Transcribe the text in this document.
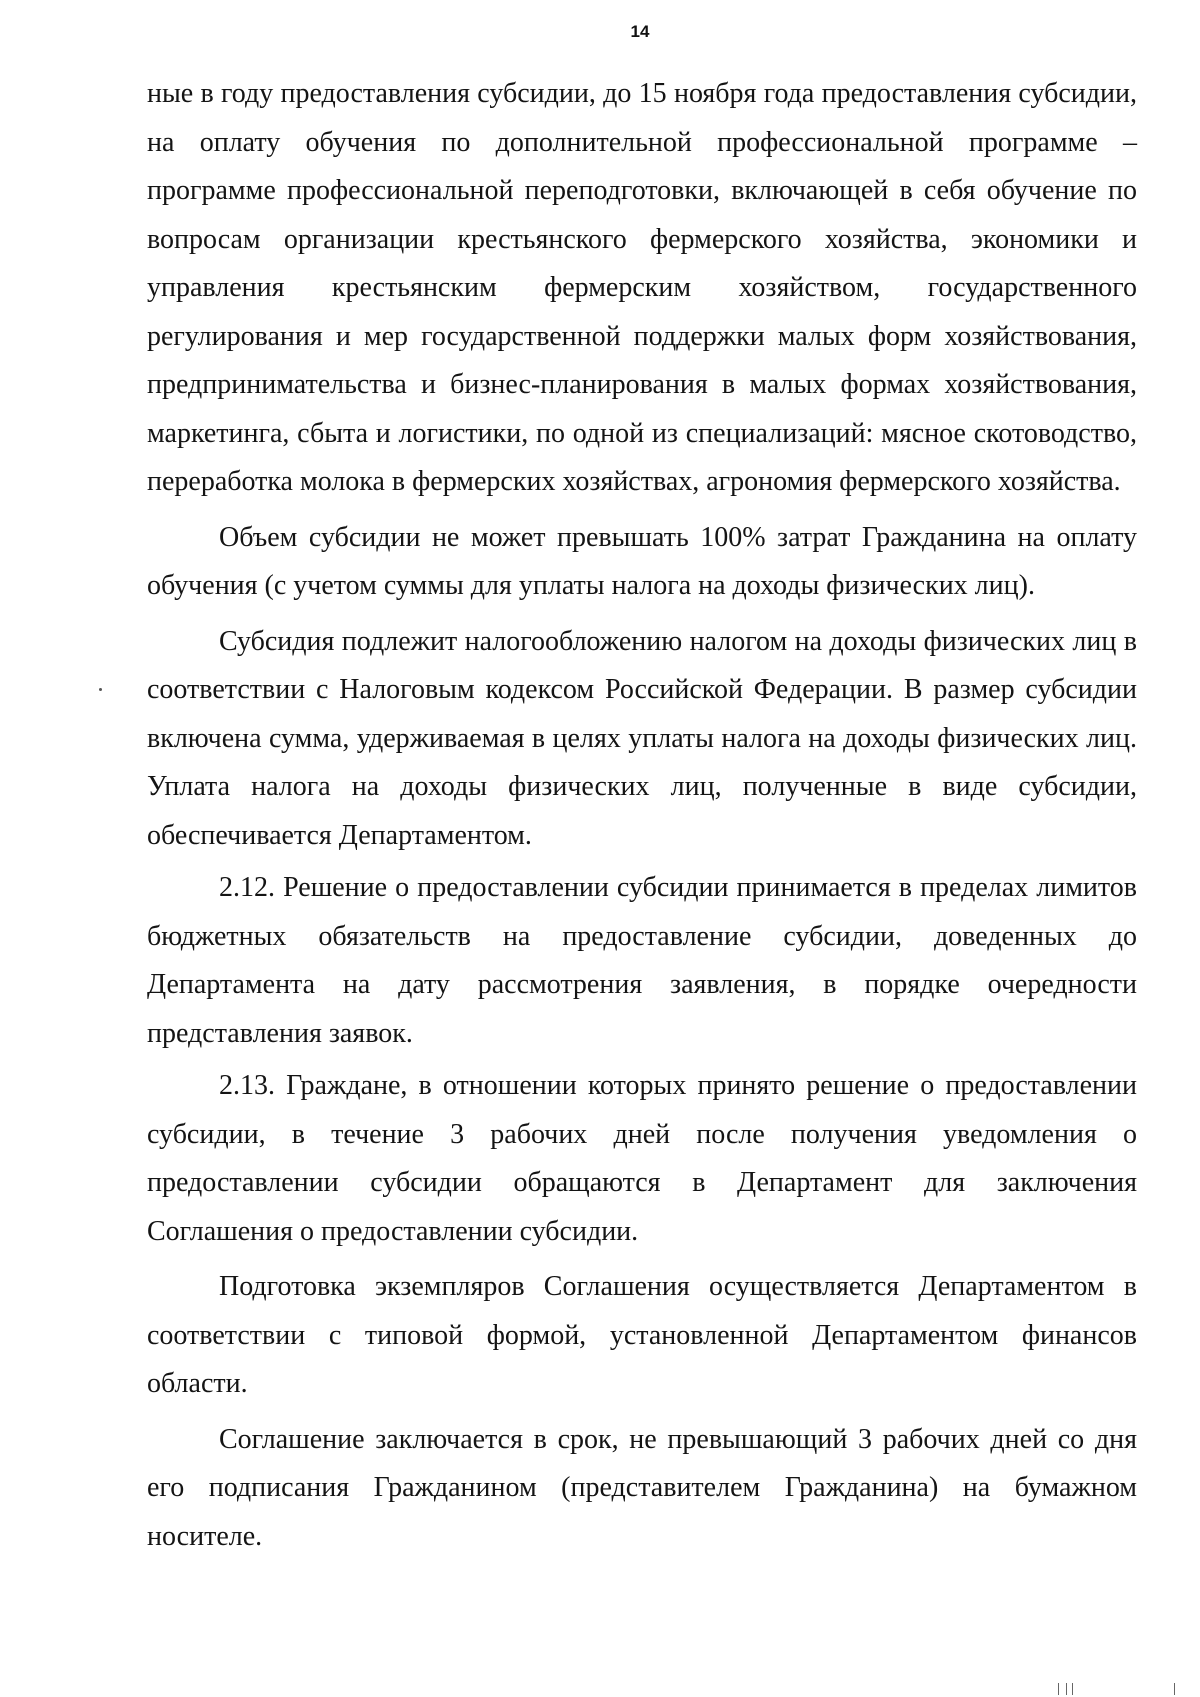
14

ные в году предоставления субсидии, до 15 ноября года предоставления субсидии, на оплату обучения по дополнительной профессиональной программе – программе профессиональной переподготовки, включающей в себя обучение по вопросам организации крестьянского фермерского хозяйства, экономики и управления крестьянским фермерским хозяйством, государственного регулирования и мер государственной поддержки малых форм хозяйствования, предпринимательства и бизнес-планирования в малых формах хозяйствования, маркетинга, сбыта и логистики, по одной из специализаций: мясное скотоводство, переработка молока в фермерских хозяйствах, агрономия фермерского хозяйства.

Объем субсидии не может превышать 100% затрат Гражданина на оплату обучения (с учетом суммы для уплаты налога на доходы физических лиц).

Субсидия подлежит налогообложению налогом на доходы физических лиц в соответствии с Налоговым кодексом Российской Федерации. В размер субсидии включена сумма, удерживаемая в целях уплаты налога на доходы физических лиц. Уплата налога на доходы физических лиц, полученные в виде субсидии, обеспечивается Департаментом.

2.12. Решение о предоставлении субсидии принимается в пределах лимитов бюджетных обязательств на предоставление субсидии, доведенных до Департамента на дату рассмотрения заявления, в порядке очередности представления заявок.

2.13. Граждане, в отношении которых принято решение о предоставлении субсидии, в течение 3 рабочих дней после получения уведомления о предоставлении субсидии обращаются в Департамент для заключения Соглашения о предоставлении субсидии.

Подготовка экземпляров Соглашения осуществляется Департаментом в соответствии с типовой формой, установленной Департаментом финансов области.

Соглашение заключается в срок, не превышающий 3 рабочих дней со дня его подписания Гражданином (представителем Гражданина) на бумажном носителе.
